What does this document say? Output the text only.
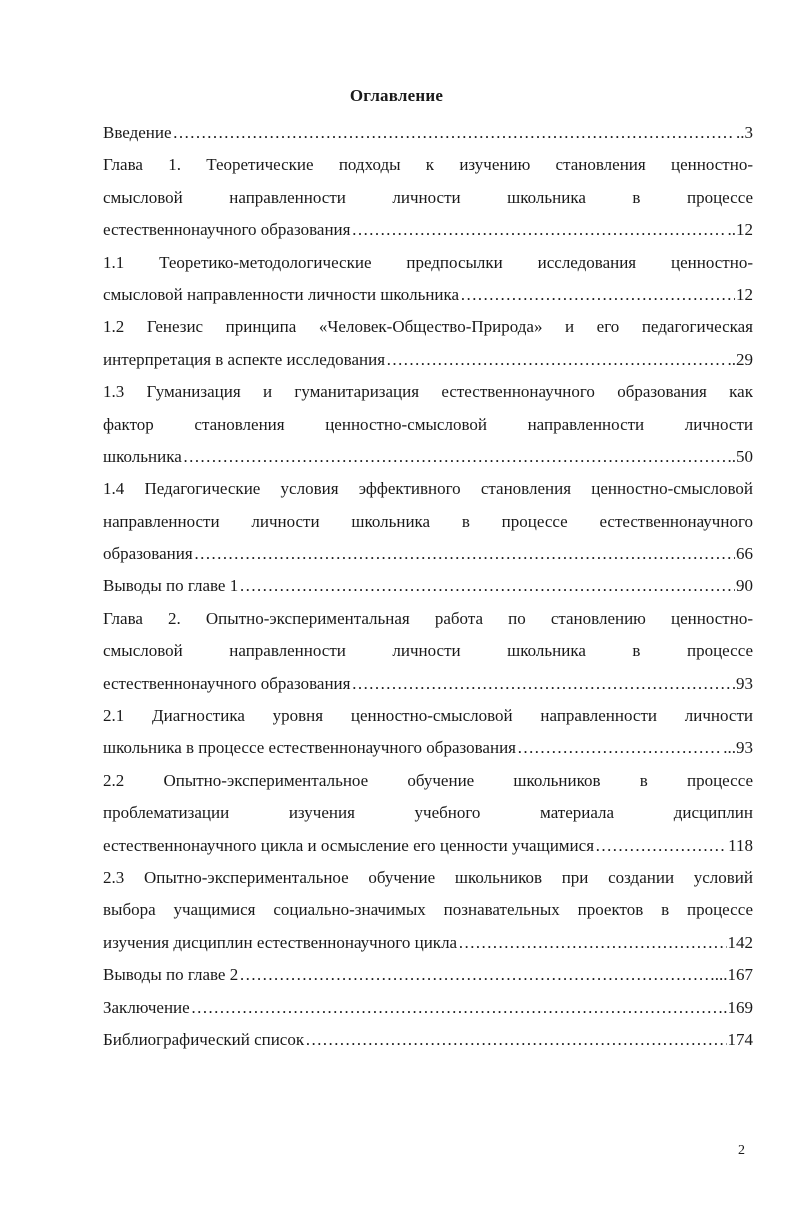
Оглавление
Введение ………………………………………………………………………………………………………………………………………………………………………………	..3
Глава 1. Теоретические подходы к изучению становления ценностно-
смысловой направленности личности школьника в процессе
естественнонаучного образования ………………………………………………………………………………………………………………………………………………………………………………	..12
1.1 Теоретико-методологические предпосылки исследования ценностно-
смысловой направленности личности школьника ………………………………………………………………………………………………………………………………………………………………………………	12
1.2 Генезис принципа «Человек-Общество-Природа» и его педагогическая
интерпретация в аспекте исследования ………………………………………………………………………………………………………………………………………………………………………………	..29
1.3 Гуманизация и гуманитаризация естественнонаучного образования как
фактор становления ценностно-смысловой направленности личности
школьника ………………………………………………………………………………………………………………………………………………………………………………	..50
1.4 Педагогические условия эффективного становления ценностно-смысловой
направленности личности школьника в процессе естественнонаучного
образования ………………………………………………………………………………………………………………………………………………………………………………	66
Выводы по главе 1 ………………………………………………………………………………………………………………………………………………………………………………	90
Глава 2. Опытно-экспериментальная работа по становлению ценностно-
смысловой направленности личности школьника в процессе
естественнонаучного образования ………………………………………………………………………………………………………………………………………………………………………………	93
2.1 Диагностика уровня ценностно-смысловой направленности личности
школьника в процессе естественнонаучного образования ………………………………………………………………………………………………………………………………………………………………………………	...93
2.2 Опытно-экспериментальное обучение школьников в процессе
проблематизации изучения учебного материала дисциплин
естественнонаучного цикла и осмысление его ценности учащимися ………………………………………………………………………………………………………………………………………………………………………………	118
2.3 Опытно-экспериментальное обучение школьников при создании условий
выбора учащимися социально-значимых познавательных проектов в процессе
изучения дисциплин естественнонаучного цикла ………………………………………………………………………………………………………………………………………………………………………………	142
Выводы по главе 2 ………………………………………………………………………………………………………………………………………………………………………………	...167
Заключение ………………………………………………………………………………………………………………………………………………………………………………	.169
Библиографический список ………………………………………………………………………………………………………………………………………………………………………………	174
2
